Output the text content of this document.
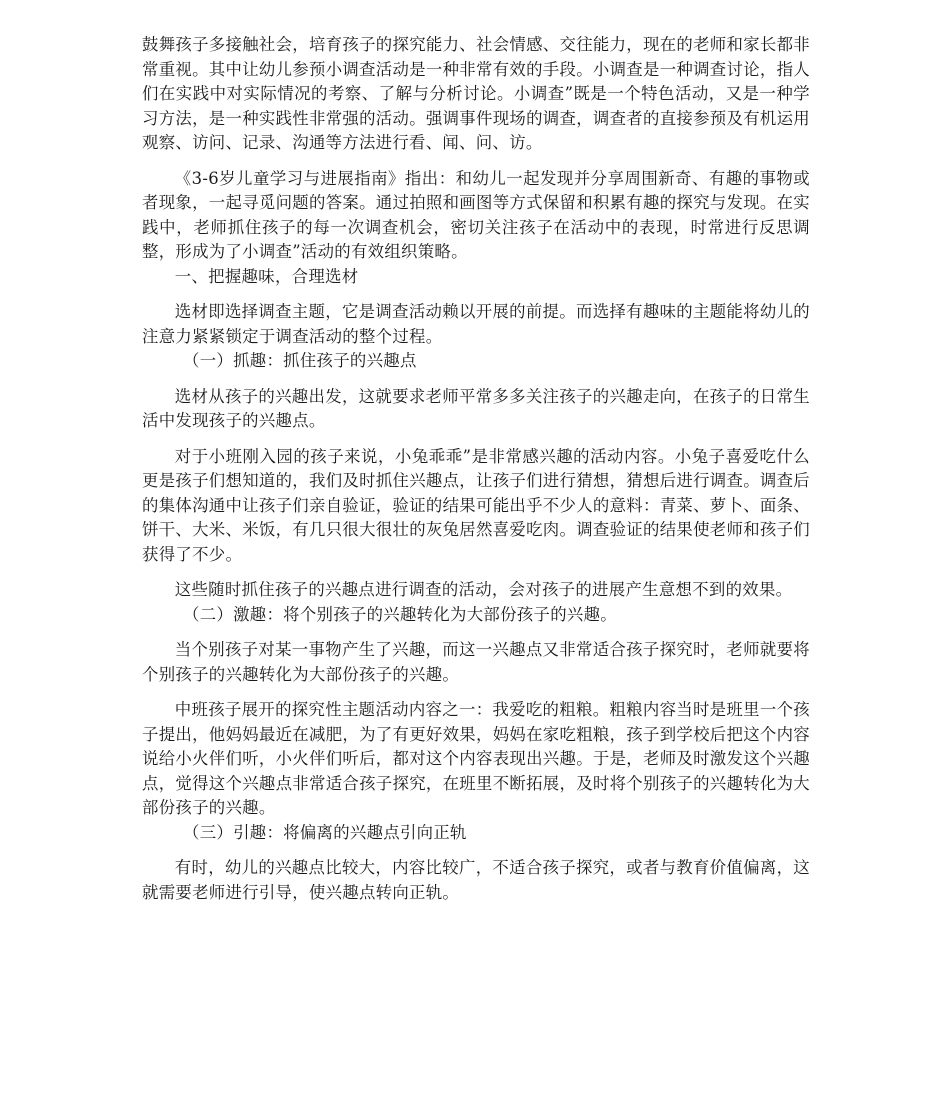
鼓舞孩子多接触社会，培育孩子的探究能力、社会情感、交往能力，现在的老师和家长都非常重视。其中让幼儿参预小调查活动是一种非常有效的手段。小调查是一种调查讨论，指人们在实践中对实际情况的考察、了解与分析讨论。小调查”既是一个特色活动，又是一种学习方法，是一种实践性非常强的活动。强调事件现场的调查，调查者的直接参预及有机运用观察、访问、记录、沟通等方法进行看、闻、问、访。

《3-6岁儿童学习与进展指南》指出：和幼儿一起发现并分享周围新奇、有趣的事物或者现象，一起寻觅问题的答案。通过拍照和画图等方式保留和积累有趣的探究与发现。在实践中，老师抓住孩子的每一次调查机会，密切关注孩子在活动中的表现，时常进行反思调整，形成为了小调查”活动的有效组织策略。

一、把握趣味，合理选材

选材即选择调查主题，它是调查活动赖以开展的前提。而选择有趣味的主题能将幼儿的注意力紧紧锁定于调查活动的整个过程。

（一）抓趣：抓住孩子的兴趣点

选材从孩子的兴趣出发，这就要求老师平常多多关注孩子的兴趣走向，在孩子的日常生活中发现孩子的兴趣点。

对于小班刚入园的孩子来说，小兔乖乖”是非常感兴趣的活动内容。小兔子喜爱吃什么更是孩子们想知道的，我们及时抓住兴趣点，让孩子们进行猜想，猜想后进行调查。调查后的集体沟通中让孩子们亲自验证，验证的结果可能出乎不少人的意料：青菜、萝卜、面条、饼干、大米、米饭，有几只很大很壮的灰兔居然喜爱吃肉。调查验证的结果使老师和孩子们获得了不少。

这些随时抓住孩子的兴趣点进行调查的活动，会对孩子的进展产生意想不到的效果。

（二）激趣：将个别孩子的兴趣转化为大部份孩子的兴趣。

当个别孩子对某一事物产生了兴趣，而这一兴趣点又非常适合孩子探究时，老师就要将个别孩子的兴趣转化为大部份孩子的兴趣。

中班孩子展开的探究性主题活动内容之一：我爱吃的粗粮。粗粮内容当时是班里一个孩子提出，他妈妈最近在减肥，为了有更好效果，妈妈在家吃粗粮，孩子到学校后把这个内容说给小火伴们听，小火伴们听后，都对这个内容表现出兴趣。于是，老师及时激发这个兴趣点，觉得这个兴趣点非常适合孩子探究，在班里不断拓展，及时将个别孩子的兴趣转化为大部份孩子的兴趣。

（三）引趣：将偏离的兴趣点引向正轨

有时，幼儿的兴趣点比较大，内容比较广，不适合孩子探究，或者与教育价值偏离，这就需要老师进行引导，使兴趣点转向正轨。
